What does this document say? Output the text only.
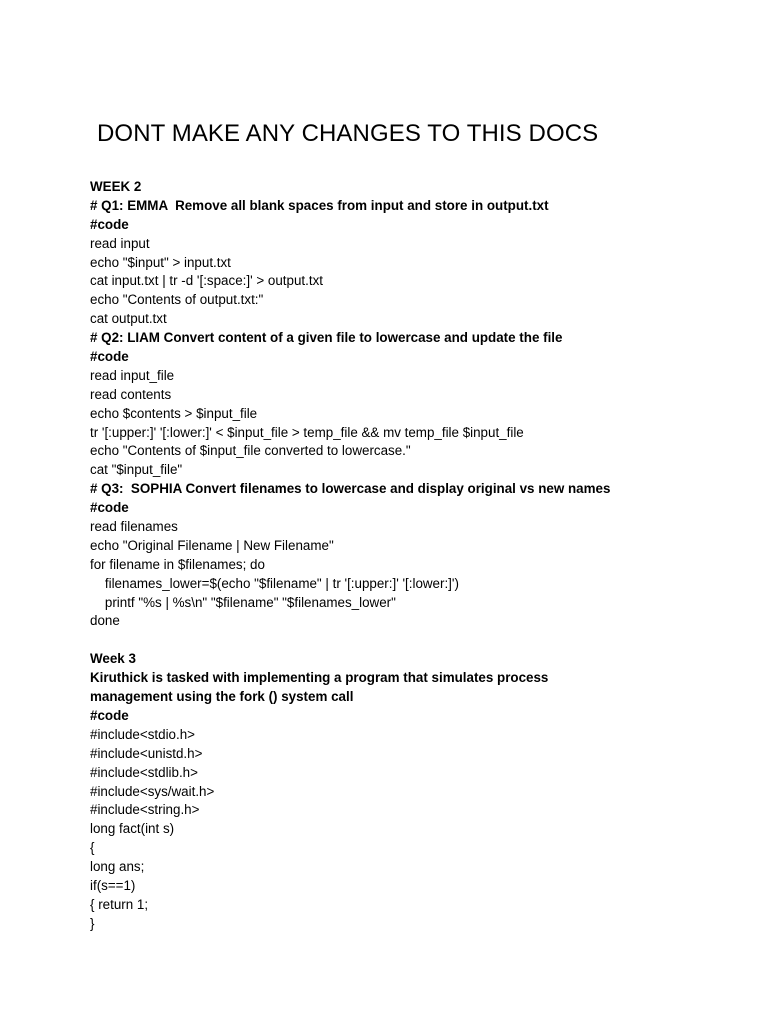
DONT MAKE ANY CHANGES TO THIS DOCS
WEEK 2
# Q1: EMMA  Remove all blank spaces from input and store in output.txt
#code
read input
echo "$input" > input.txt
cat input.txt | tr -d '[:space:]' > output.txt
echo "Contents of output.txt:"
cat output.txt
# Q2: LIAM Convert content of a given file to lowercase and update the file
#code
read input_file
read contents
echo $contents > $input_file
tr '[:upper:]' '[:lower:]' < $input_file > temp_file && mv temp_file $input_file
echo "Contents of $input_file converted to lowercase."
cat "$input_file"
# Q3:  SOPHIA Convert filenames to lowercase and display original vs new names
#code
read filenames
echo "Original Filename | New Filename"
for filename in $filenames; do
filenames_lower=$(echo "$filename" | tr '[:upper:]' '[:lower:]')
printf "%s | %s\n" "$filename" "$filenames_lower"
done
Week 3
Kiruthick is tasked with implementing a program that simulates process
management using the fork () system call
#code
#include<stdio.h>
#include<unistd.h>
#include<stdlib.h>
#include<sys/wait.h>
#include<string.h>
long fact(int s)
{
long ans;
if(s==1)
{ return 1;
}
